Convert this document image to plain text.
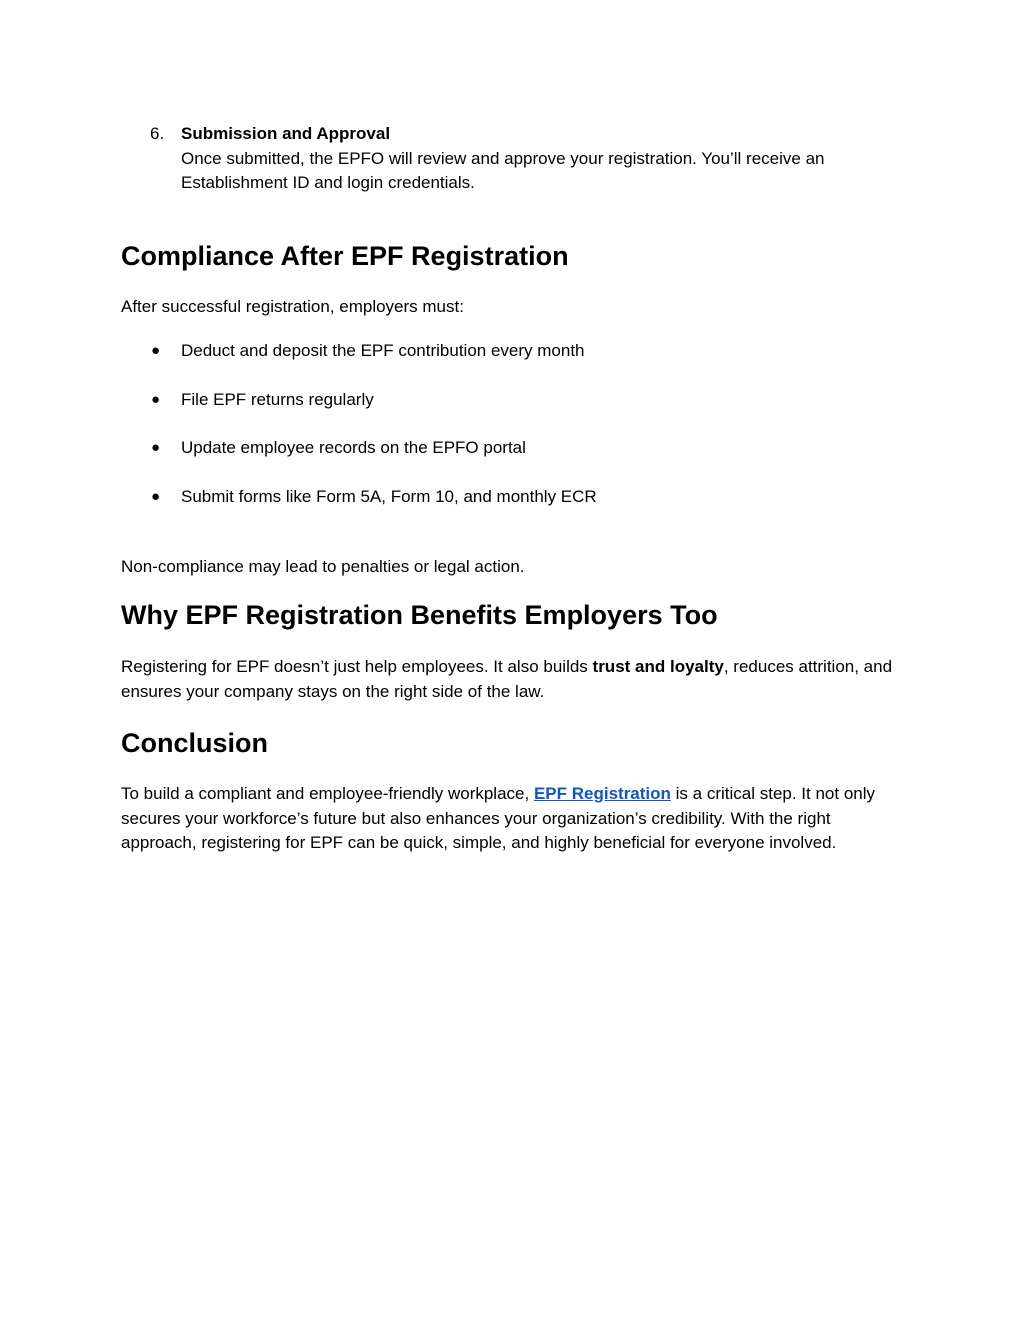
6. Submission and Approval
Once submitted, the EPFO will review and approve your registration. You’ll receive an Establishment ID and login credentials.
Compliance After EPF Registration

After successful registration, employers must:

● Deduct and deposit the EPF contribution every month
● File EPF returns regularly
● Update employee records on the EPFO portal
● Submit forms like Form 5A, Form 10, and monthly ECR

Non-compliance may lead to penalties or legal action.

Why EPF Registration Benefits Employers Too

Registering for EPF doesn’t just help employees. It also builds trust and loyalty, reduces attrition, and ensures your company stays on the right side of the law.

Conclusion

To build a compliant and employee-friendly workplace, EPF Registration is a critical step. It not only secures your workforce’s future but also enhances your organization’s credibility. With the right approach, registering for EPF can be quick, simple, and highly beneficial for everyone involved.
